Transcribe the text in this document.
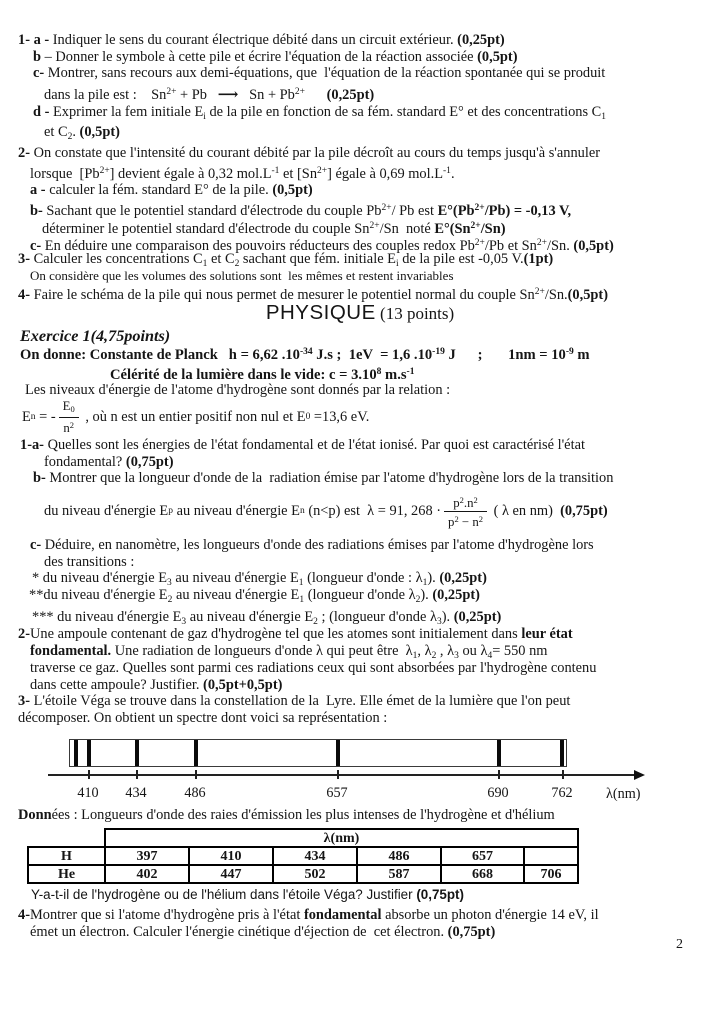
PHYSIQUE (13 points)
410	434	486	657	690	762	λ(nm)
	λ(nm)					
H	397	410	434	486	657	
He	402	447	502	587	668	706
2
1- a - Indiquer le sens du courant électrique débité dans un circuit extérieur. (0,25pt)
b – Donner le symbole à cette pile et écrire l'équation de la réaction associée (0,5pt)
c- Montrer, sans recours aux demi-équations, que  l'équation de la réaction spontanée qui se produit
dans la pile est :    $Sn^{2+} + Pb$   ⟶   $Sn + Pb^{2+}$ (0,25pt)
d - Exprimer la fem initiale $E_i$ de la pile en fonction de sa fém. standard E° et des concentrations $C_1$
et $C_2$. (0,5pt)
2- On constate que l'intensité du courant débité par la pile décroît au cours du temps jusqu'à s'annuler
lorsque  $[Pb^{2+}]$ devient égale à 0,32 $mol.L^{-1}$ et $[Sn^{2+}]$ égale à 0,69 $mol.L^{-1}$.
a - calculer la fém. standard E° de la pile. (0,5pt)
b- Sachant que le potentiel standard d'électrode du couple $Pb^{2+}/$ Pb est $E^\circ(Pb^{2+}/Pb) = -0,13$ V,
déterminer le potentiel standard d'électrode du couple $Sn^{2+}/Sn$  noté $E^\circ(Sn^{2+}/Sn)$
c- En déduire une comparaison des pouvoirs réducteurs des couples redox $Pb^{2+}/Pb$ et $Sn^{2+}/Sn$. (0,5pt)
3- Calculer les concentrations $C_1$ et $C_2$ sachant que fém. initiale $E_i$ de la pile est -0,05 V.(1pt)
On considère que les volumes des solutions sont  les mêmes et restent invariables
4- Faire le schéma de la pile qui nous permet de mesurer le potentiel normal du couple $Sn^{2+}/Sn.(0,5pt)$
Exercice 1(4,75points)
On donne: Constante de Planck   h = 6,62 $.10^{-34}$ J.s ;  1eV  = 1,6 $.10^{-19}$ J      ;       $1nm = 10^{-9}$ m
Célérité de la lumière dans le vide: $c = 3.10^8$ $m.s^{-1}$
Les niveaux d'énergie de l'atome d'hydrogène sont donnés par la relation :
E n = - $\frac{E0}{n^2}$ , où n est un entier positif non nul et E 0 =13,6 eV.
1-a- Quelles sont les énergies de l'état fondamental et de l'état ionisé. Par quoi est caractérisé l'état
fondamental? (0,75pt)
b- Montrer que la longueur d'onde de la  radiation émise par l'atome d'hydrogène lors de la transition
du niveau d'énergie E p au niveau d'énergie E n (n<p) est  λ = 91, $268 \cdot \frac{p^2.n^2}{p^2 - n^2}$ ( λ en nm) (0,75pt)
c- Déduire, en nanomètre, les longueurs d'onde des radiations émises par l'atome d'hydrogène lors
des transitions :
* du niveau d'énergie $E_3$ au niveau d'énergie $E_1$ (longueur d'onde : $\lambda_1$). (0,25pt)
**du niveau d'énergie $E_2$ au niveau d'énergie $E_1$ (longueur d'onde $\lambda_2$). (0,25pt)
*** du niveau d'énergie $E_3$ au niveau d'énergie $E_2$ ; (longueur d'onde $\lambda_3$). (0,25pt)
2-Une ampoule contenant de gaz d'hydrogène tel que les atomes sont initialement dans leur état
fondamental. Une radiation de longueurs d'onde λ qui peut être  $\lambda_1$, $\lambda_2$ , $\lambda_3$ ou $\lambda_4= 550$ nm
traverse ce gaz. Quelles sont parmi ces radiations ceux qui sont absorbées par l'hydrogène contenu
dans cette ampoule? Justifier. (0,5pt+0,5pt)
3- L'étoile Véga se trouve dans la constellation de la  Lyre. Elle émet de la lumière que l'on peut
décomposer. On obtient un spectre dont voici sa représentation :
Données : Longueurs d'onde des raies d'émission les plus intenses de l'hydrogène et d'hélium
Y-a-t-il de l'hydrogène ou de l'hélium dans l'étoile Véga? Justifier (0,75pt)
4-Montrer que si l'atome d'hydrogène pris à l'état fondamental absorbe un photon d'énergie 14 eV, il
émet un électron. Calculer l'énergie cinétique d'éjection de  cet électron. (0,75pt)
